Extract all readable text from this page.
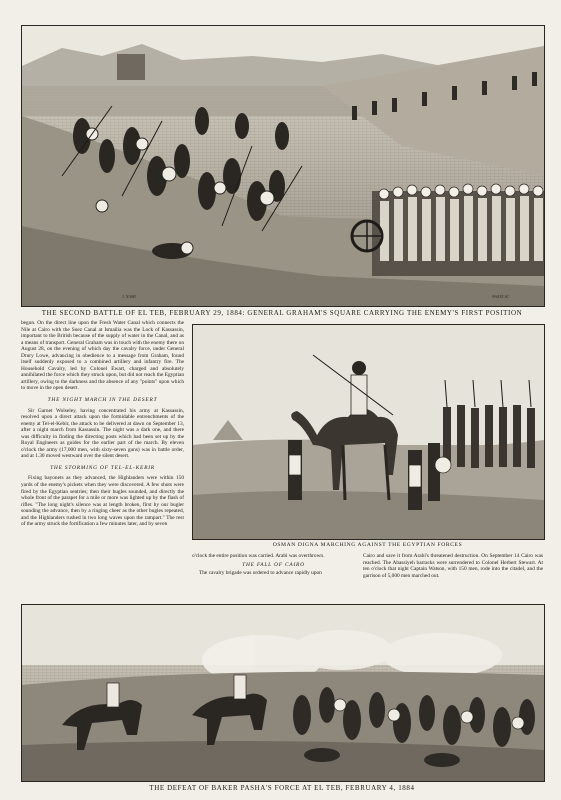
J. NASH	SWAIN SC
THE SECOND BATTLE OF EL TEB, FEBRUARY 29, 1884: GENERAL GRAHAM'S SQUARE CARRYING THE ENEMY'S FIRST POSITION
OSMAN DIGNA MARCHING AGAINST THE EGYPTIAN FORCES

begun. On the direct line upon the Fresh Water Canal which connects the Nile at Cairo with the Suez Canal at Ismailia was the Lock of Kassassin, important to the British because of the supply of water in the Canal, and as a means of transport. General Graham was in touch with the enemy there on August 28, on the evening of which day the cavalry force, under General Drury Lowe, advancing in obedience to a message from Graham, found itself suddenly exposed to a combined artillery and infantry fire. The Household Cavalry, led by Colonel Ewart, charged and absolutely annihilated the force which they struck upon, but did not reach the Egyptian artillery, owing to the darkness and the absence of any "points" upon which to move in the open desert.

THE NIGHT MARCH IN THE DESERT

Sir Garnet Wolseley, having concentrated his army at Kassassin, resolved upon a direct attack upon the formidable entrenchments of the enemy at Tel-el-Kebir, the attack to be delivered at dawn on September 13, after a night march from Kassassin. The night was a dark one, and there was difficulty in finding the directing posts which had been set up by the Royal Engineers as guides for the earlier part of the march. By eleven o'clock the army (17,000 men, with sixty-seven guns) was in battle order, and at 1.30 moved westward over the silent desert.

THE STORMING OF TEL-EL-KEBIR

Fixing bayonets as they advanced, the Highlanders were within 150 yards of the enemy's pickets when they were discovered. A few shots were fired by the Egyptian sentries; then their bugles sounded, and directly the whole front of the parapet for a mile or more was lighted up by the flash of rifles. "The long night's silence was at length broken, first by our bugler sounding the advance, then by a ringing cheer as the other bugles repeated, and the Highlanders rushed in two long waves upon the rampart." The rest of the army struck the fortification a few minutes later, and by seven

o'clock the entire position was carried. Arabi was overthrown.

THE FALL OF CAIRO

The cavalry brigade was ordered to advance rapidly upon

Cairo and save it from Arabi's threatened destruction. On September 14 Cairo was reached. The Abassiyeh barracks were surrendered to Colonel Herbert Stewart. At ten o'clock that night Captain Watson, with 150 men, rode into the citadel, and the garrison of 5,000 men marched out.

THE DEFEAT OF BAKER PASHA'S FORCE AT EL TEB, FEBRUARY 4, 1884
